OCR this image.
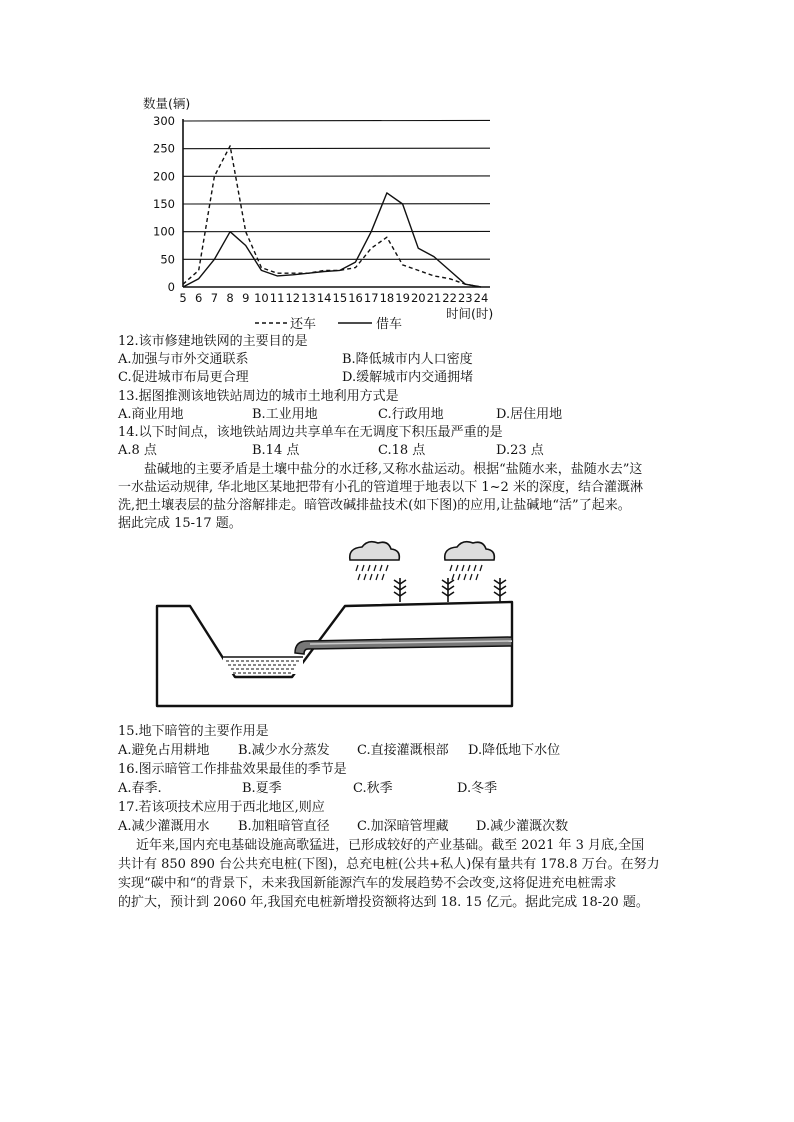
数量(辆)
0
50
100
150
200
250
300
5 6 7 8 9 10 11 12 13 14 15 16 17 18 19 20 21 22 23 24
时间(时)
还车	借车
12.该市修建地铁网的主要目的是
A.加强与市外交通联系	B.降低城市内人口密度
C.促进城市布局更合理	D.缓解城市内交通拥堵
13.据图推测该地铁站周边的城市土地利用方式是
A.商业用地	B.工业用地	C.行政用地	D.居住用地
14.以下时间点，该地铁站周边共享单车在无调度下积压最严重的是
A.8 点	B.14 点	C.18 点	D.23 点
盐碱地的主要矛盾是土壤中盐分的水迁移,又称水盐运动。根据“盐随水来，盐随水去”这
一水盐运动规律, 华北地区某地把带有小孔的管道埋于地表以下 1~2 米的深度，结合灌溉淋
洗,把土壤表层的盐分溶解排走。暗管改碱排盐技术(如下图)的应用,让盐碱地“活”了起来。
据此完成 15-17 题。
15.地下暗管的主要作用是
A.避免占用耕地 B.减少水分蒸发 C.直接灌溉根部 D.降低地下水位
16.图示暗管工作排盐效果最佳的季节是
A.春季.	B.夏季	C.秋季	D.冬季
17.若该项技术应用于西北地区,则应
A.减少灌溉用水 B.加粗暗管直径 C.加深暗管埋藏 D.减少灌溉次数
近年来,国内充电基础设施高歌猛进，已形成较好的产业基础。截至 2021 年 3 月底,全国
共计有 850 890 台公共充电桩(下图)，总充电桩(公共+私人)保有量共有 178.8 万台。在努力
实现“碳中和“的背景下，未来我国新能源汽车的发展趋势不会改变,这将促进充电桩需求
的扩大，预计到 2060 年,我国充电桩新增投资额将达到 18. 15 亿元。据此完成 18-20 题。
